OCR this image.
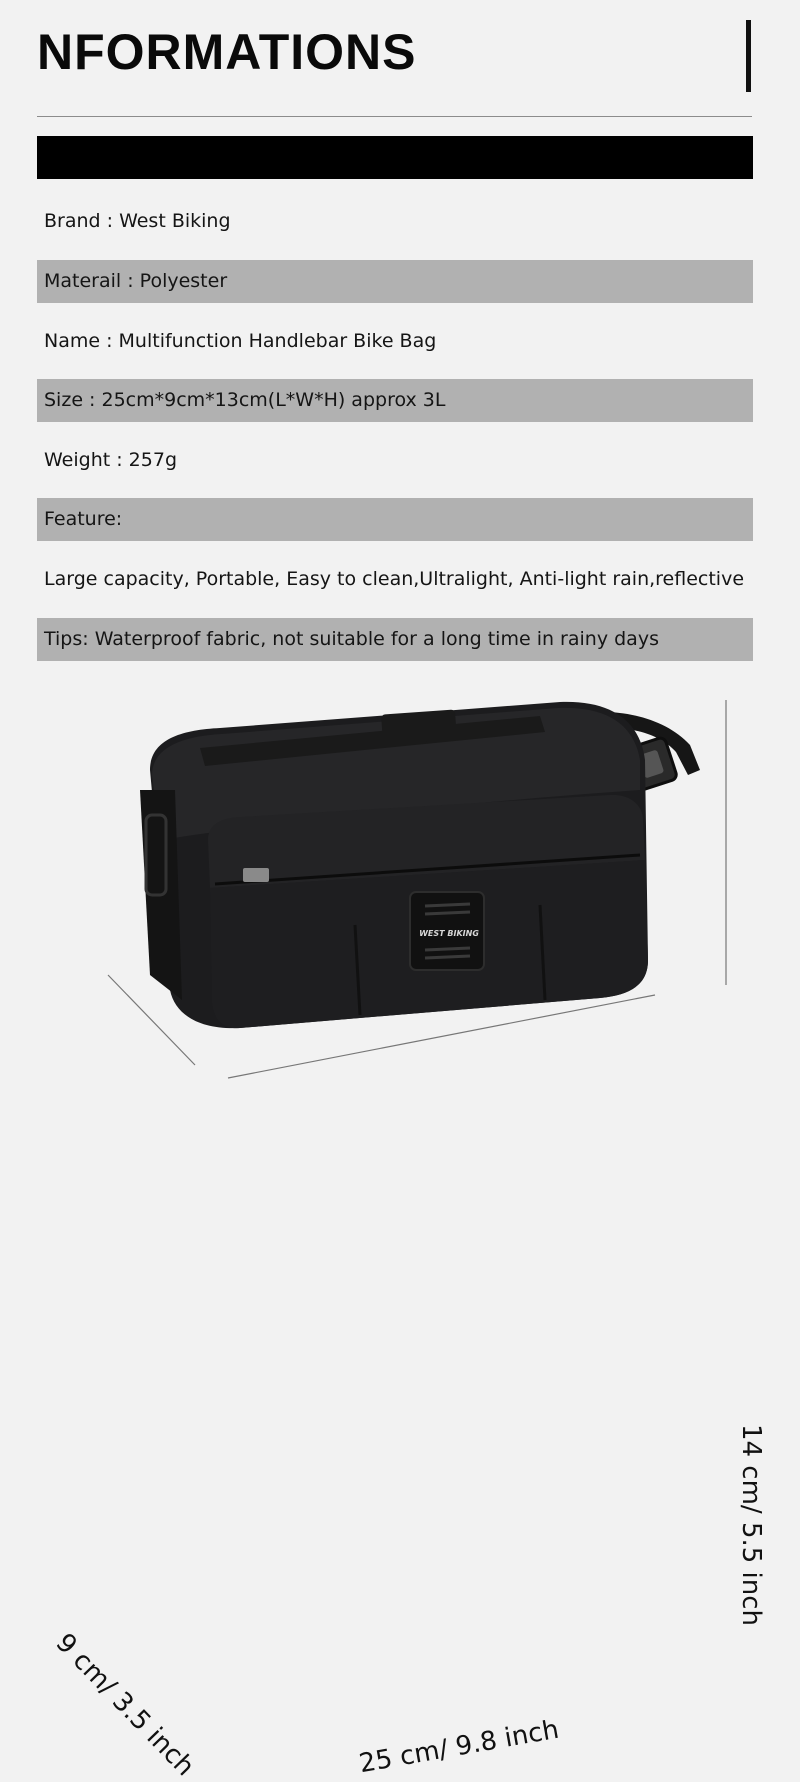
NFORMATIONS
Brand : West Biking
Materail : Polyester
Name : Multifunction Handlebar Bike Bag
Size : 25cm*9cm*13cm(L*W*H) approx 3L
Weight : 257g
Feature:
Large capacity, Portable, Easy to clean,Ultralight, Anti-light rain,reflective
Tips: Waterproof fabric, not suitable for a long time in rainy days
WEST BIKING
14 cm/ 5.5 inch
25 cm/ 9.8 inch
9 cm/ 3.5 inch
